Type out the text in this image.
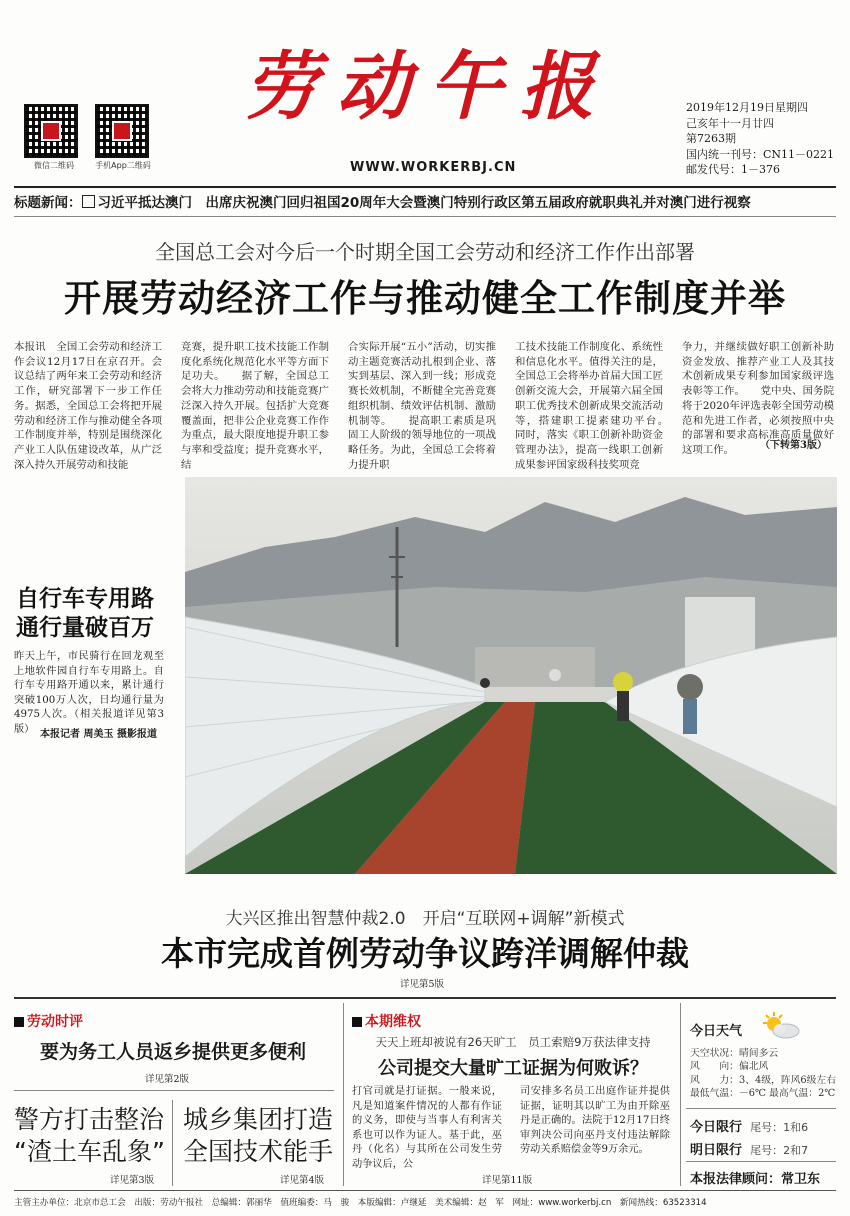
微信二维码	手机App二维码
劳动午报
WWW.WORKERBJ.CN
2019年12月19日星期四
己亥年十一月廿四
第7263期
国内统一刊号：CN11－0221
邮发代号：1－376
标题新闻： 习近平抵达澳门　出席庆祝澳门回归祖国20周年大会暨澳门特别行政区第五届政府就职典礼并对澳门进行视察
全国总工会对今后一个时期全国工会劳动和经济工作作出部署
开展劳动经济工作与推动健全工作制度并举
本报讯　全国工会劳动和经济工作会议12月17日在京召开。会议总结了两年来工会劳动和经济工作，研究部署下一步工作任务。据悉，全国总工会将把开展劳动和经济工作与推动健全各项工作制度并举，特别是围绕深化产业工人队伍建设改革，从广泛深入持久开展劳动和技能
竞赛，提升职工技术技能工作制度化系统化规范化水平等方面下足功夫。　　据了解，全国总工会将大力推动劳动和技能竞赛广泛深入持久开展。包括扩大竞赛覆盖面，把非公企业竞赛工作作为重点，最大限度地提升职工参与率和受益度；提升竞赛水平，结
合实际开展“五小”活动，切实推动主题竞赛活动扎根到企业、落实到基层、深入到一线；形成竞赛长效机制，不断健全完善竞赛组织机制、绩效评估机制、激励机制等。　　提高职工素质是巩固工人阶级的领导地位的一项战略任务。为此，全国总工会将着力提升职
工技术技能工作制度化、系统性和信息化水平。值得关注的是，全国总工会将举办首届大国工匠创新交流大会，开展第六届全国职工优秀技术创新成果交流活动等，搭建职工提素建功平台。　　同时，落实《职工创新补助资金管理办法》，提高一线职工创新成果参评国家级科技奖项竞
争力，并继续做好职工创新补助资金发放、推荐产业工人及其技术创新成果专利参加国家级评选表彰等工作。　　党中央、国务院将于2020年评选表彰全国劳动模范和先进工作者，必须按照中央的部署和要求高标准高质量做好这项工作。	（下转第3版）
自行车专用路
通行量破百万
昨天上午，市民骑行在回龙观至上地软件园自行车专用路上。自行车专用路开通以来，累计通行突破100万人次，日均通行量为4975人次。（相关报道详见第3版） 本报记者 周美玉 摄影报道
大兴区推出智慧仲裁2.0　开启“互联网+调解”新模式
本市完成首例劳动争议跨洋调解仲裁
详见第5版
劳动时评
要为务工人员返乡提供更多便利
详见第2版
警方打击整治
“渣土车乱象”
详见第3版
城乡集团打造
全国技术能手
详见第4版
本期维权
天天上班却被说有26天旷工　员工索赔9万获法律支持
公司提交大量旷工证据为何败诉？
打官司就是打证据。一般来说，凡是知道案件情况的人都有作证的义务，即使与当事人有利害关系也可以作为证人。基于此，巫丹（化名）与其所在公司发生劳动争议后，公
司安排多名员工出庭作证并提供证据，证明其以旷工为由开除巫丹是正确的。法院于12月17日终审判决公司向巫丹支付违法解除劳动关系赔偿金等9万余元。
详见第11版
今日天气
天空状况：晴间多云
风　　向：偏北风
风　　力：3、4级，阵风6级左右
最低气温：－6℃ 最高气温：2℃
今日限行 尾号：1和6
明日限行 尾号：2和7
本报法律顾问：常卫东
主管主办单位：北京市总工会　出版：劳动午报社　总编辑：郭丽华　值班编委：马　骏　本版编辑：卢继延　美术编辑：赵　军　网址：www.workerbj.cn　新闻热线：63523314
